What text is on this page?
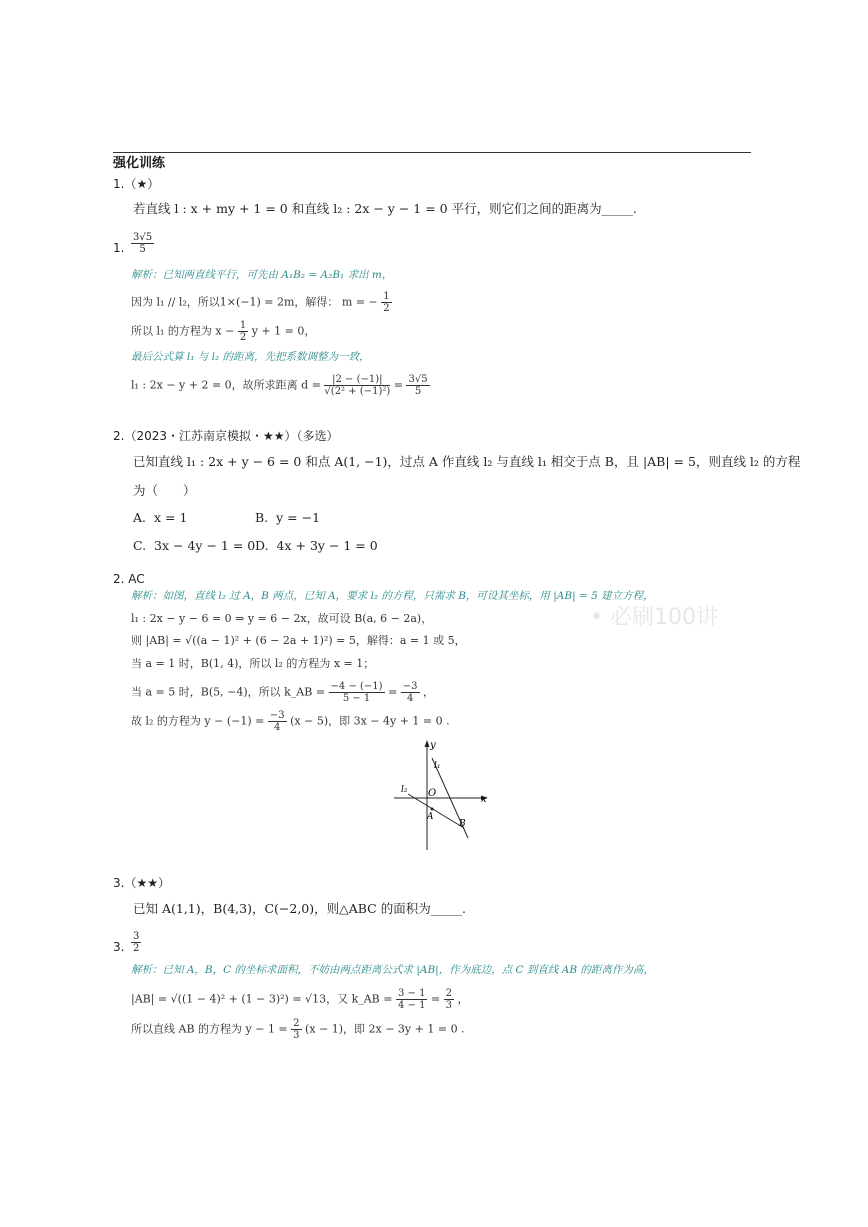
强化训练
• 必刷100讲
1.（★）
若直线 l : x + my + 1 = 0 和直线 l₂ : 2x − y − 1 = 0 平行，则它们之间的距离为_____.
1. $\frac{3√5}{5}$
解析：已知两直线平行，可先由 A₁B₂ = A₂B₁ 求出 m，
因为 l₁ // l₂，所以1×(−1) = 2m，解得： m = − $\frac{1}{2}$
所以 l₁ 的方程为 $x - \frac{1}{2}$ y + 1 = 0，
最后公式算 l₁ 与 l₂ 的距离，先把系数调整为一致，
l₁ : 2x − y + 2 = 0，故所求距离 $d = \frac{|2 - (-1)|}{\text{√(2² + (−1)²)}} = \frac{3√5}{5}$
2.（2023・江苏南京模拟・★★）（多选）
已知直线 l₁ : 2x + y − 6 = 0 和点 A(1, −1)，过点 A 作直线 l₂ 与直线 l₁ 相交于点 B，且 |AB| = 5，则直线 l₂ 的方程
为（　　）
A. x = 1	B. y = −1
C. 3x − 4y − 1 = 0 D. 4x + 3y − 1 = 0
2. AC
解析：如图，直线 l₂ 过 A，B 两点，已知 A，要求 l₂ 的方程，只需求 B，可设其坐标，用 |AB| = 5 建立方程，
l₁ : 2x − y − 6 = 0 ⇒ y = 6 − 2x，故可设 B(a, 6 − 2a)，
则 |AB| = √((a − 1)² + (6 − 2a + 1)²) = 5，解得：a = 1 或 5，
当 a = 1 时，B(1, 4)，所以 l₂ 的方程为 x = 1；
当 a = 5 时，B(5, −4)，所以 k_AB = $\frac{-4 - (-1)}{5 - 1} = \frac{-3}{4}$ ，
故 l₂ 的方程为 $y - (-1) = \frac{-3}{4} (x - 5)$，即 3x − 4y + 1 = 0 .
y
x
O
l₁
l₂
A
B
3.（★★）
已知 A(1,1)，B(4,3)，C(−2,0)，则△ABC 的面积为_____.
3. $\frac{3}{2}$
解析：已知 A，B，C 的坐标求面积，不妨由两点距离公式求 |AB|，作为底边，点 C 到直线 AB 的距离作为高，
|AB| = √((1 − 4)² + (1 − 3)²) = √13，又 k_AB = $\frac{3 - 1}{4 - 1} = \frac{2}{3}$ ，
所以直线 AB 的方程为 $y - 1 = \frac{2}{3} (x - 1)$，即 2x − 3y + 1 = 0 .
